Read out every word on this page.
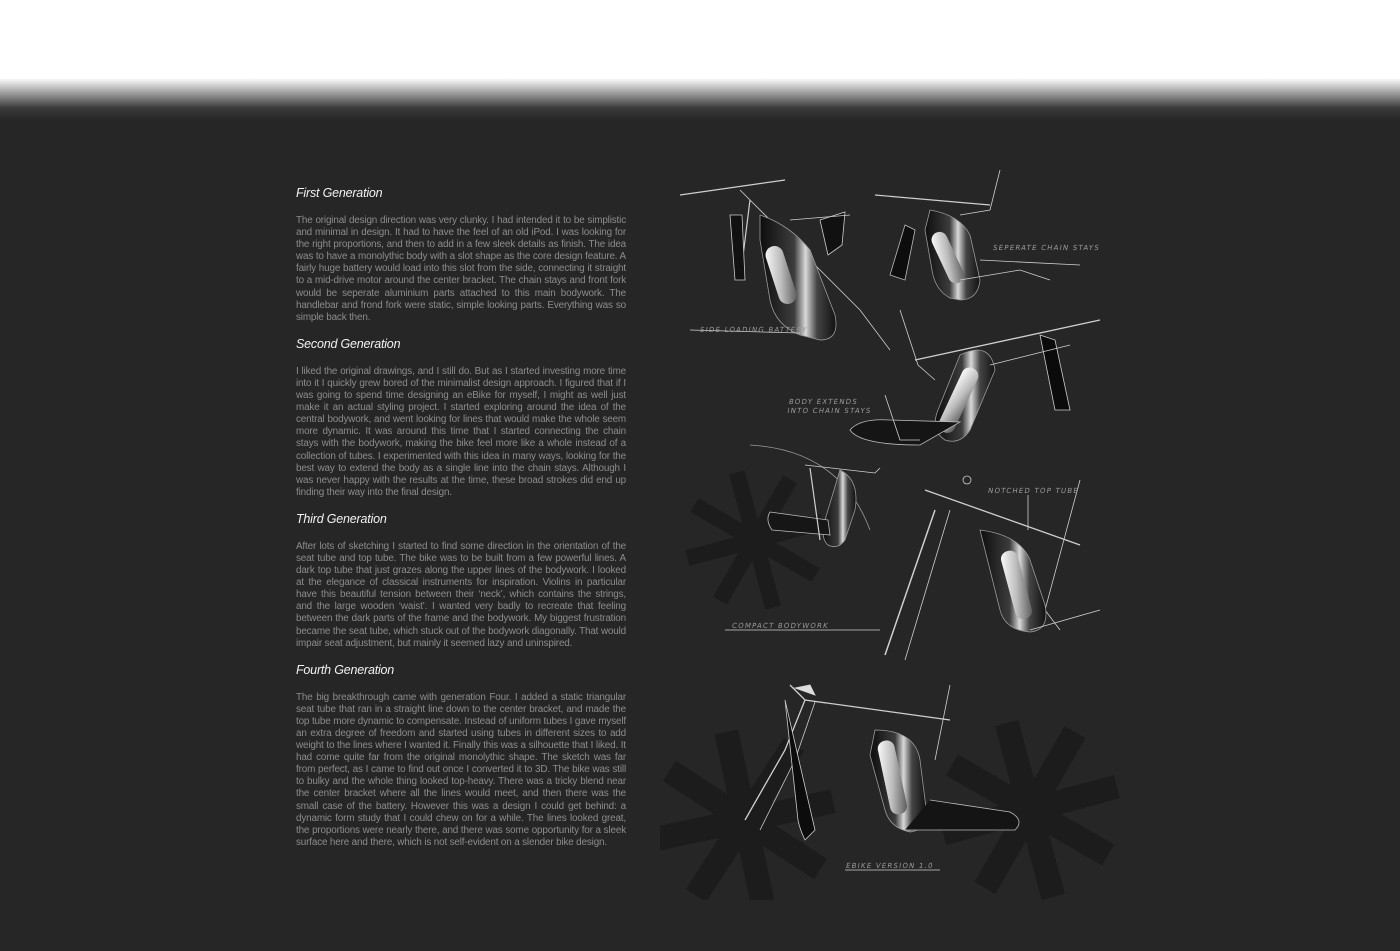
First Generation

The original design direction was very clunky. I had intended it to be simplistic and minimal in design. It had to have the feel of an old iPod. I was looking for the right proportions, and then to add in a few sleek details as finish. The idea was to have a monolythic body with a slot shape as the core design feature. A fairly huge battery would load into this slot from the side, connecting it straight to a mid-drive motor around the center bracket. The chain stays and front fork would be seperate aluminium parts attached to this main bodywork. The handlebar and frond fork were static, simple looking parts. Everything was so simple back then.

Second Generation

I liked the original drawings, and I still do. But as I started investing more time into it I quickly grew bored of the minimalist design approach. I figured that if I was going to spend time designing an eBike for myself, I might as well just make it an actual styling project. I started exploring around the idea of the central bodywork, and went looking for lines that would make the whole seem more dynamic. It was around this time that I started connecting the chain stays with the bodywork, making the bike feel more like a whole instead of a collection of tubes. I experimented with this idea in many ways, looking for the best way to extend the body as a single line into the chain stays. Although I was never happy with the results at the time, these broad strokes did end up finding their way into the final design.

Third Generation

After lots of sketching I started to find some direction in the orientation of the seat tube and top tube. The bike was to be built from a few powerful lines. A dark top tube that just grazes along the upper lines of the bodywork. I looked at the elegance of classical instruments for inspiration. Violins in particular have this beautiful tension between their ‘neck’, which contains the strings, and the large wooden ‘waist’. I wanted very badly to recreate that feeling between the dark parts of the frame and the bodywork. My biggest frustration became the seat tube, which stuck out of the bodywork diagonally. That would impair seat adjustment, but mainly it seemed lazy and uninspired.

Fourth Generation

The big breakthrough came with generation Four. I added a static triangular seat tube that ran in a straight line down to the center bracket, and made the top tube more dynamic to compensate. Instead of uniform tubes I gave myself an extra degree of freedom and started using tubes in different sizes to add weight to the lines where I wanted it. Finally this was a silhouette that I liked. It had come quite far from the original monolythic shape. The sketch was far from perfect, as I came to find out once I converted it to 3D. The bike was still to bulky and the whole thing looked top-heavy. There was a tricky blend near the center bracket where all the lines would meet, and then there was the small case of the battery. However this was a design I could get behind: a dynamic form study that I could chew on for a while. The lines looked great, the proportions were nearly there, and there was some opportunity for a sleek surface here and there, which is not self-evident on a slender bike design.

SIDE LOADING BATTERY
SEPERATE CHAIN STAYS
BODY EXTENDS INTO CHAIN STAYS
NOTCHED TOP TUBE
COMPACT BODYWORK
EBIKE VERSION 1.0
